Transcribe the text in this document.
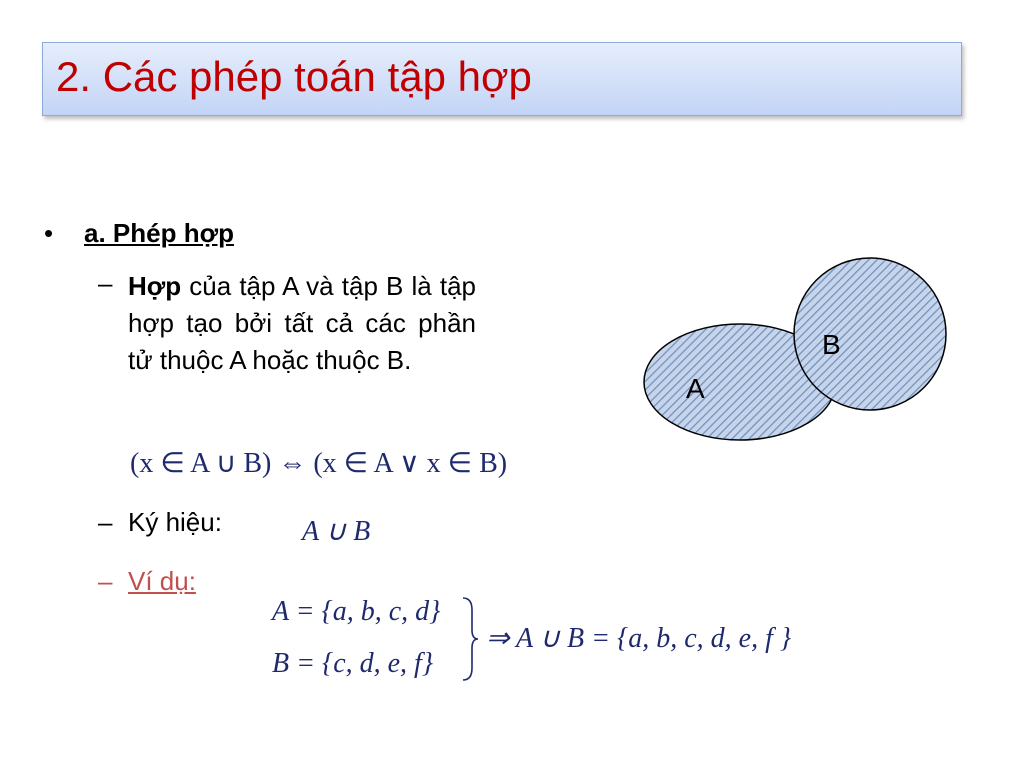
2. Các phép toán tập hợp
• a. Phép hợp
– Hợp của tập A và tập B là tập hợp tạo bởi tất cả các phần tử thuộc A hoặc thuộc B.
(x ∈ A ∪ B) ⇔ (x ∈ A ∨ x ∈ B)
– Ký hiệu:	A ∪ B
– Ví dụ:
A = {a, b, c, d}
B = {c, d, e, f}
⇒ A ∪ B = {a, b, c, d, e, f }
A
B
